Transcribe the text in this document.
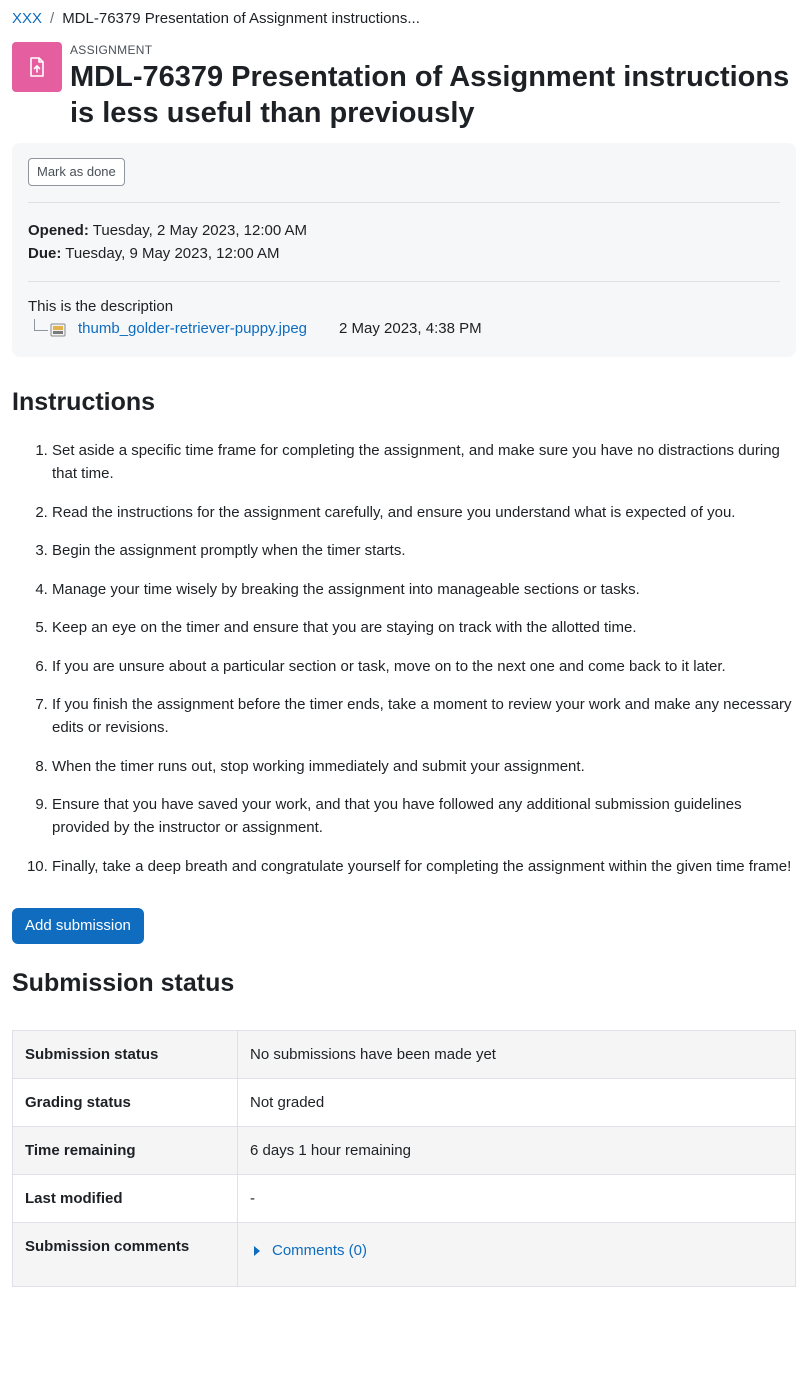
XXX / MDL-76379 Presentation of Assignment instructions...
ASSIGNMENT
MDL-76379 Presentation of Assignment instructions is less useful than previously
Mark as done
Opened: Tuesday, 2 May 2023, 12:00 AM
Due: Tuesday, 9 May 2023, 12:00 AM
This is the description
thumb_golder-retriever-puppy.jpeg 2 May 2023, 4:38 PM
Instructions
1. Set aside a specific time frame for completing the assignment, and make sure you have no distractions during that time.
2. Read the instructions for the assignment carefully, and ensure you understand what is expected of you.
3. Begin the assignment promptly when the timer starts.
4. Manage your time wisely by breaking the assignment into manageable sections or tasks.
5. Keep an eye on the timer and ensure that you are staying on track with the allotted time.
6. If you are unsure about a particular section or task, move on to the next one and come back to it later.
7. If you finish the assignment before the timer ends, take a moment to review your work and make any necessary edits or revisions.
8. When the timer runs out, stop working immediately and submit your assignment.
9. Ensure that you have saved your work, and that you have followed any additional submission guidelines provided by the instructor or assignment.
10. Finally, take a deep breath and congratulate yourself for completing the assignment within the given time frame!
Add submission
Submission status
Submission status	No submissions have been made yet
Grading status	Not graded
Time remaining	6 days 1 hour remaining
Last modified	-
Submission comments	Comments (0)
